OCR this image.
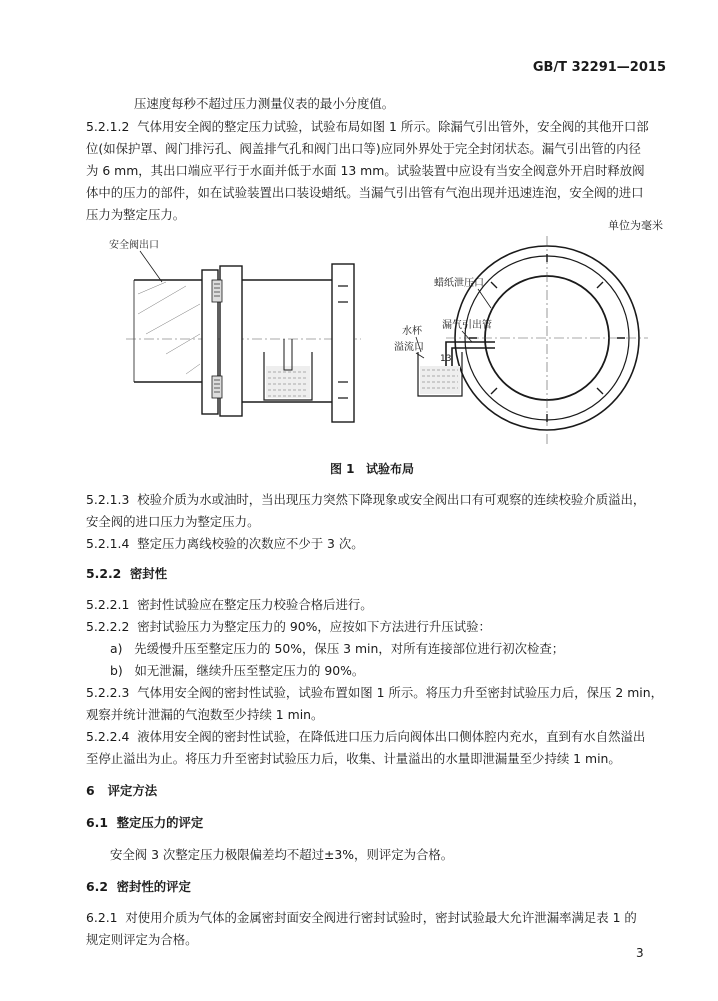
GB/T 32291—2015

压速度每秒不超过压力测量仪表的最小分度值。

5.2.1.2 气体用安全阀的整定压力试验，试验布局如图 1 所示。除漏气引出管外，安全阀的其他开口部

位(如保护罩、阀门排污孔、阀盖排气孔和阀门出口等)应同外界处于完全封闭状态。漏气引出管的内径

为 6 mm，其出口端应平行于水面并低于水面 13 mm。试验装置中应设有当安全阀意外开启时释放阀

体中的压力的部件，如在试验装置出口装设蜡纸。当漏气引出管有气泡出现并迅速连泡，安全阀的进口

压力为整定压力。

单位为毫米

安全阀出口
蜡纸泄压口
漏气引出管
水杯
溢流口
13

图 1 试验布局

5.2.1.3 校验介质为水或油时，当出现压力突然下降现象或安全阀出口有可观察的连续校验介质溢出，

安全阀的进口压力为整定压力。

5.2.1.4 整定压力离线校验的次数应不少于 3 次。

5.2.2 密封性

5.2.2.1 密封性试验应在整定压力校验合格后进行。

5.2.2.2 密封试验压力为整定压力的 90%，应按如下方法进行升压试验：

a) 先缓慢升压至整定压力的 50%，保压 3 min，对所有连接部位进行初次检查；

b) 如无泄漏，继续升压至整定压力的 90%。

5.2.2.3 气体用安全阀的密封性试验，试验布置如图 1 所示。将压力升至密封试验压力后，保压 2 min，

观察并统计泄漏的气泡数至少持续 1 min。

5.2.2.4 液体用安全阀的密封性试验，在降低进口压力后向阀体出口侧体腔内充水，直到有水自然溢出

至停止溢出为止。将压力升至密封试验压力后，收集、计量溢出的水量即泄漏量至少持续 1 min。

6 评定方法

6.1 整定压力的评定

安全阀 3 次整定压力极限偏差均不超过±3%，则评定为合格。

6.2 密封性的评定

6.2.1 对使用介质为气体的金属密封面安全阀进行密封试验时，密封试验最大允许泄漏率满足表 1 的

规定则评定为合格。

3
